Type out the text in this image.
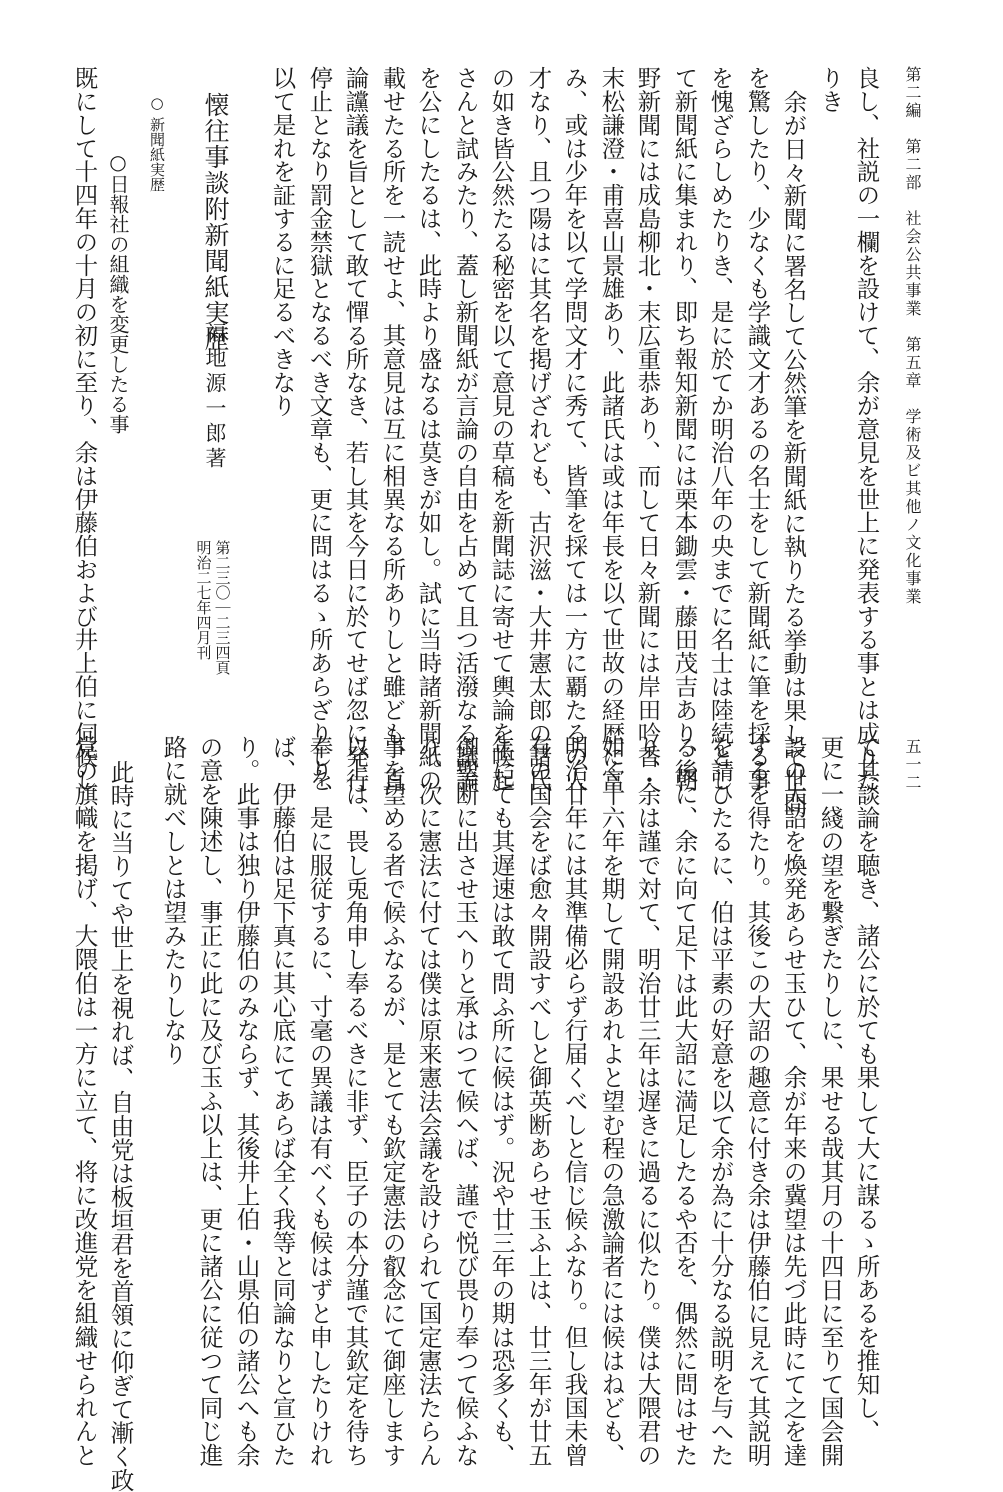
第二編　第二部　社会公共事業　第五章　学術及ビ其他ノ文化事業
五一二
良し、社説の一欄を設けて、余が意見を世上に発表する事とは成りた
りき
余が日々新聞に署名して公然筆を新聞紙に執りたる挙動は果して世間
を驚したり、少なくも学識文才あるの名士をして新聞紙に筆を採る事
を愧ざらしめたりき、是に於てか明治八年の央までに名士は陸続とし
て新聞紙に集まれり、即ち報知新聞には栗本鋤雲・藤田茂吉あり、朝
野新聞には成島柳北・末広重恭あり、而して日々新聞には岸田吟香・
末松謙澄・甫喜山景雄あり、此諸氏は或は年長を以て世故の経歴に富
み、或は少年を以て学問文才に秀て、皆筆を採ては一方に覇たるの人
才なり、且つ陽はに其名を掲げざれども、古沢滋・大井憲太郎の諸氏
の如き皆公然たる秘密を以て意見の草稿を新聞誌に寄せて輿論を喚起
さんと試みたり、蓋し新聞紙が言論の自由を占めて且つ活潑なる議論
を公にしたるは、此時より盛なるは莫きが如し。試に当時諸新聞紙の
載せたる所を一読せよ、其意見は互に相異なる所ありしと雖ども、直
論讜議を旨として敢て憚る所なき、若し其を今日に於てせば忽に発行
停止となり罰金禁獄となるべき文章も、更に問はるゝ所あらざりしを
以て是れを証するに足るべきなり
懐往事談附新聞紙実歴
福地源一郎著
第二三〇｜二三四頁
明治二七年四月刊
○ 新聞紙実歴
○日報社の組織を変更したる事
既にして十四年の十月の初に至り、余は伊藤伯および井上伯に伺候し
て其談論を聴き、諸公に於ても果して大に謀るゝ所あるを推知し、
更に一綫の望を繋ぎたりしに、果せる哉其月の十四日に至りて国会開
設の大詔を煥発あらせ玉ひて、余が年来の冀望は先づ此時にて之を達
するを得たり。其後この大詔の趣意に付き余は伊藤伯に見えて其説明
を請ひたるに、伯は平素の好意を以て余が為に十分なる説明を与へた
る後に、余に向て足下は此大詔に満足したるや否を、偶然に問はせた
り、余は謹で対て、明治廿三年は遅きに過るに似たり。僕は大隈君の
如く十六年を期して開設あれよと望む程の急激論者には候はねども、
明治廿年には其準備必らず行届くべしと信じ候ふなり。但し我国未曾
有の国会をば愈々開設すべしと御英断あらせ玉ふ上は、廿三年が廿五
年にても其遅速は敢て問ふ所に候はず。況や廿三年の期は恐多くも、
御聖断に出させ玉へりと承はつて候へば、謹で悦び畏り奉つて候ふな
り。次に憲法に付ては僕は原来憲法会議を設けられて国定憲法たらん
事を望める者で候ふなるが、是とても欽定憲法の叡念にて御座します
以上は、畏し兎角申し奉るべきに非ず、臣子の本分謹で其欽定を待ち
奉り、是に服従するに、寸毫の異議は有べくも候はずと申したりけれ
ば、伊藤伯は足下真に其心底にてあらば全く我等と同論なりと宣ひた
り。此事は独り伊藤伯のみならず、其後井上伯・山県伯の諸公へも余
の意を陳述し、事正に此に及び玉ふ以上は、更に諸公に従つて同じ進
路に就べしとは望みたりしなり
此時に当りてや世上を視れば、自由党は板垣君を首領に仰ぎて漸く政
党の旗幟を掲げ、大隈伯は一方に立て、将に改進党を組織せられんと
